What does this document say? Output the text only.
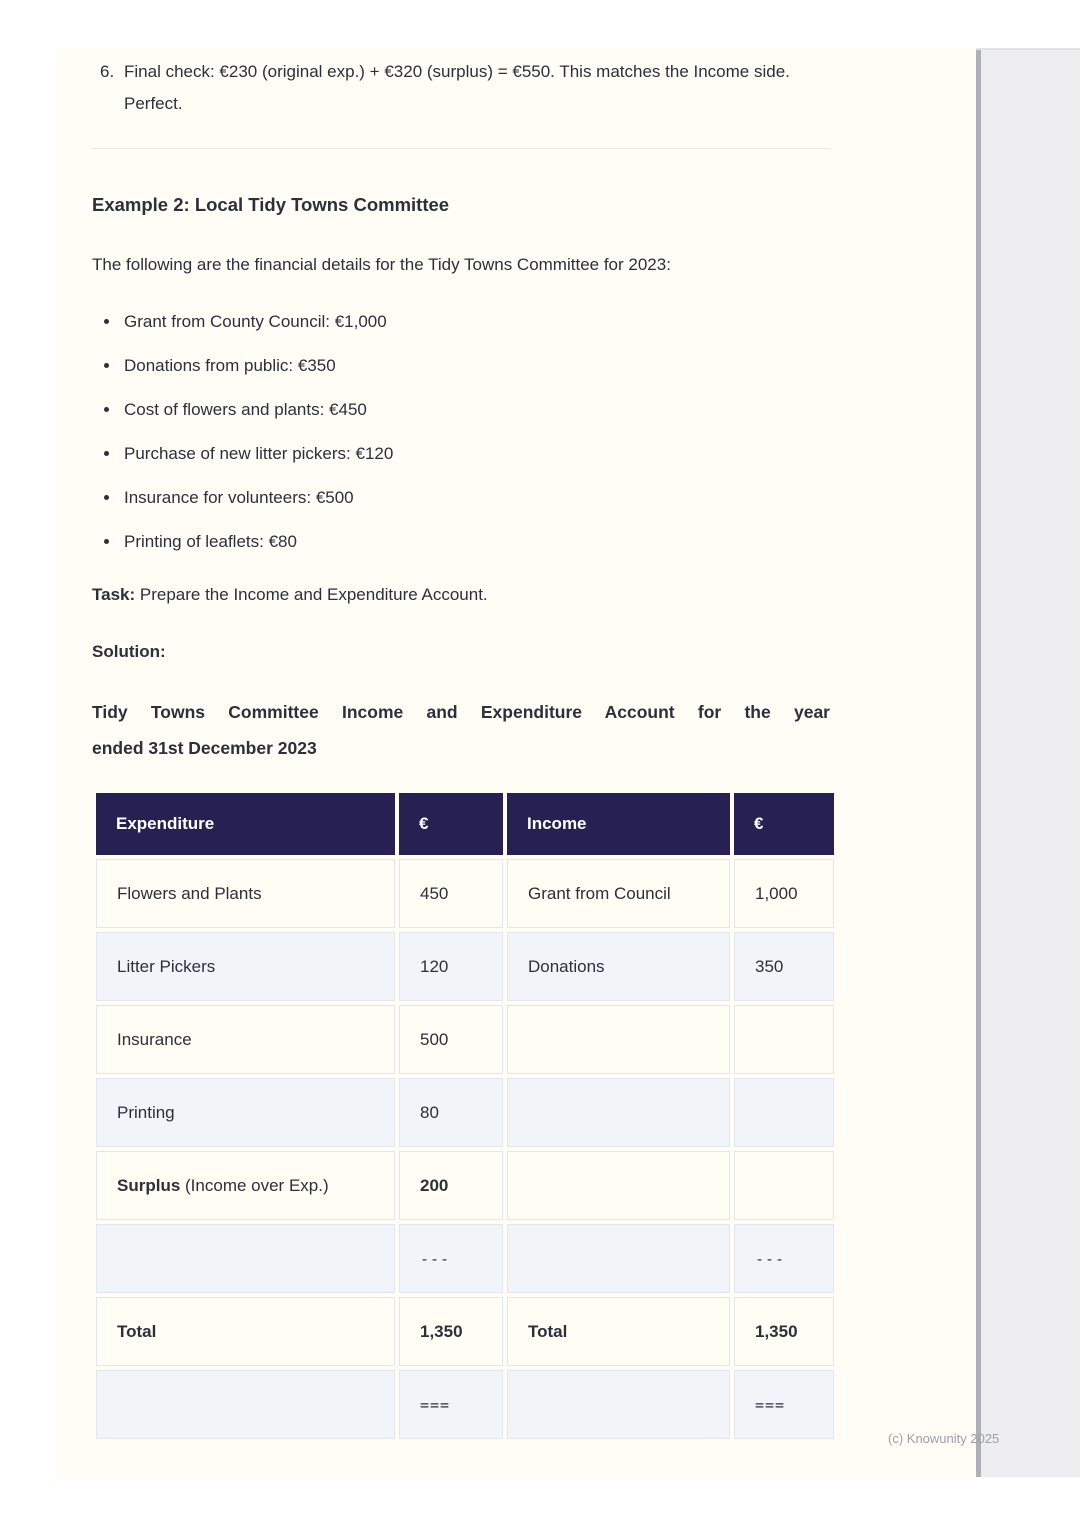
6. Final check: €230 (original exp.) + €320 (surplus) = €550. This matches the Income side. Perfect.
Example 2: Local Tidy Towns Committee

The following are the financial details for the Tidy Towns Committee for 2023:

Grant from County Council: €1,000
Donations from public: €350
Cost of flowers and plants: €450
Purchase of new litter pickers: €120
Insurance for volunteers: €500
Printing of leaflets: €80

Task: Prepare the Income and Expenditure Account.

Solution:

Tidy Towns Committee Income and Expenditure Account for the year
ended 31st December 2023
Expenditure	€	Income	€
Flowers and Plants	450	Grant from Council	1,000
Litter Pickers	120	Donations	350
Insurance	500		
Printing	80		
Surplus (Income over Exp.)	200		
	---		---
Total	1,350	Total	1,350
	===		===
(c) Knowunity 2025
